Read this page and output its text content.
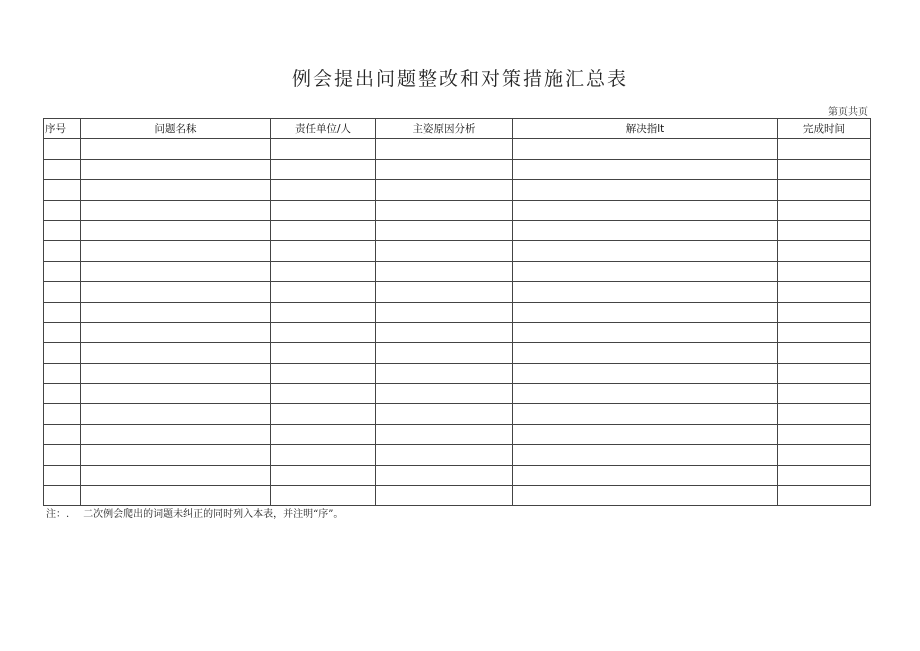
例会提出问题整改和对策措施汇总表
第页共页
序号	问题名秣	责任单位/人	主姿原因分析	解决指lt	完成时间

注：. 二次例会爬出的词题未纠正的同时列入本表，并注明“序”。
